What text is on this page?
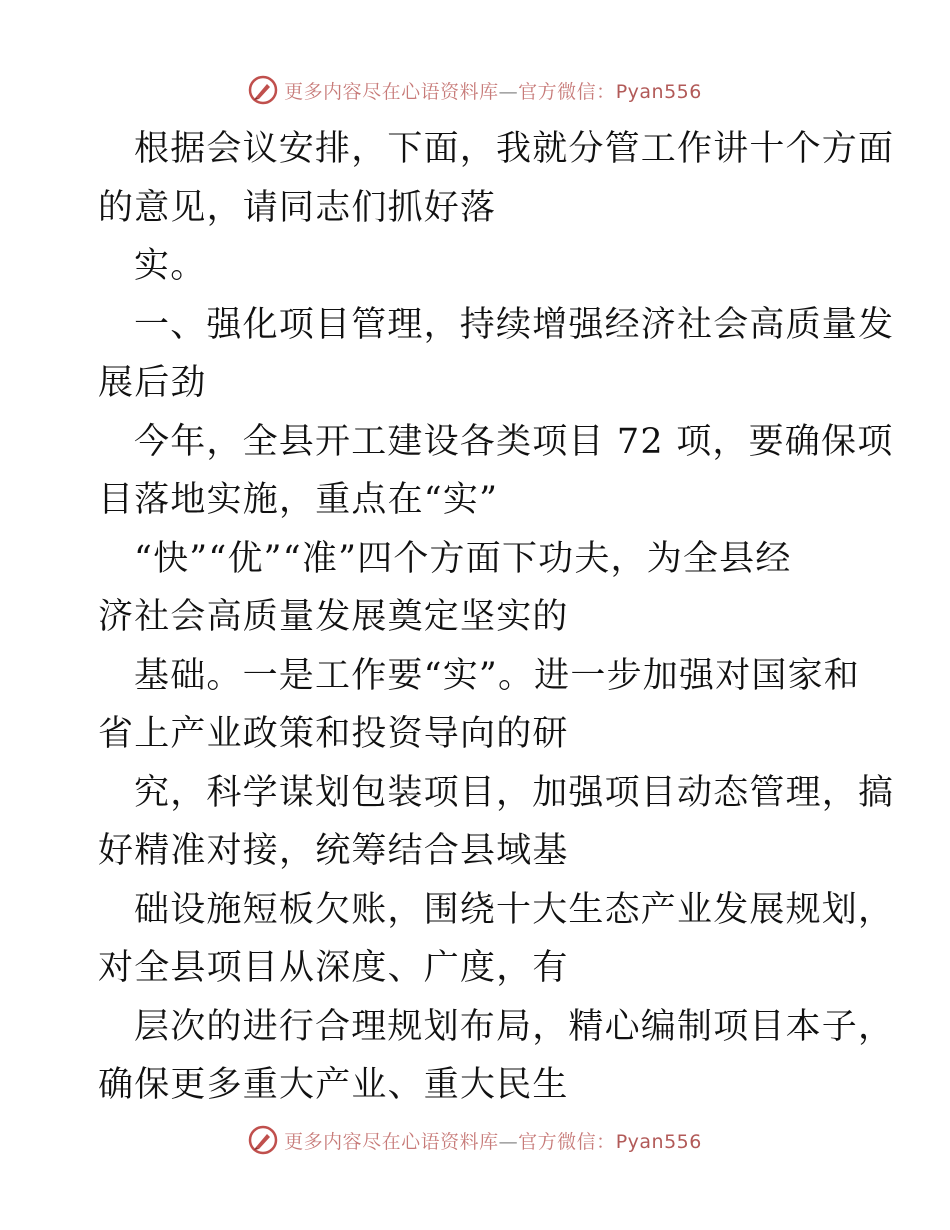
更多内容尽在心语资料库—官方微信：Pyan556
根据会议安排，下面，我就分管工作讲十个方面
的意见，请同志们抓好落
实。
一、强化项目管理，持续增强经济社会高质量发
展后劲
今年，全县开工建设各类项目 72 项，要确保项
目落地实施，重点在“实”
“快”“优”“准”四个方面下功夫，为全县经
济社会高质量发展奠定坚实的
基础。一是工作要“实”。进一步加强对国家和
省上产业政策和投资导向的研
究，科学谋划包装项目，加强项目动态管理，搞
好精准对接，统筹结合县域基
础设施短板欠账，围绕十大生态产业发展规划，
对全县项目从深度、广度，有
层次的进行合理规划布局，精心编制项目本子，
确保更多重大产业、重大民生
更多内容尽在心语资料库—官方微信：Pyan556
